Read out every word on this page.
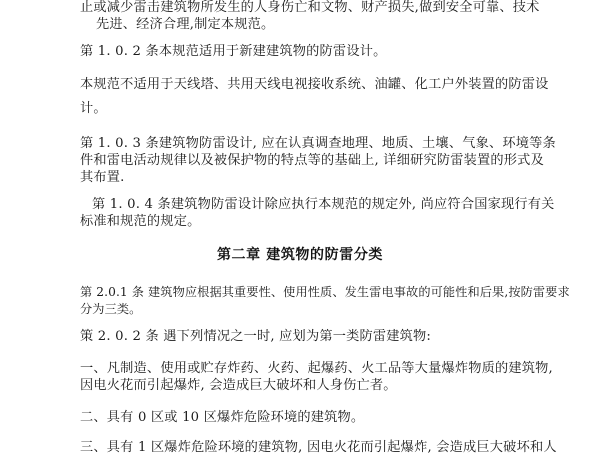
止或减少雷击建筑物所发生的人身伤亡和文物、财产损失,做到安全可靠、技术
先进、经济合理,制定本规范。
第 1. 0. 2 条本规范适用于新建建筑物的防雷设计。
本规范不适用于天线塔、共用天线电视接收系统、油罐、化工户外装置的防雷设
计。
第 1. 0. 3 条建筑物防雷设计, 应在认真调查地理、地质、土壤、气象、环境等条
件和雷电活动规律以及被保护物的特点等的基础上, 详细研究防雷装置的形式及
其布置.
第 1. 0. 4 条建筑物防雷设计除应执行本规范的规定外, 尚应符合国家现行有关
标准和规范的规定。
第二章 建筑物的防雷分类
第 2.0.1 条 建筑物应根据其重要性、使用性质、发生雷电事故的可能性和后果,按防雷要求
分为三类。
策 2. 0. 2 条 遇下列情况之一时, 应划为第一类防雷建筑物:
一、凡制造、使用或贮存炸药、火药、起爆药、火工品等大量爆炸物质的建筑物,
因电火花而引起爆炸, 会造成巨大破坏和人身伤亡者。
二、具有 0 区或 10 区爆炸危险环境的建筑物。
三、具有 1 区爆炸危险环境的建筑物, 因电火花而引起爆炸, 会造成巨大破坏和人
